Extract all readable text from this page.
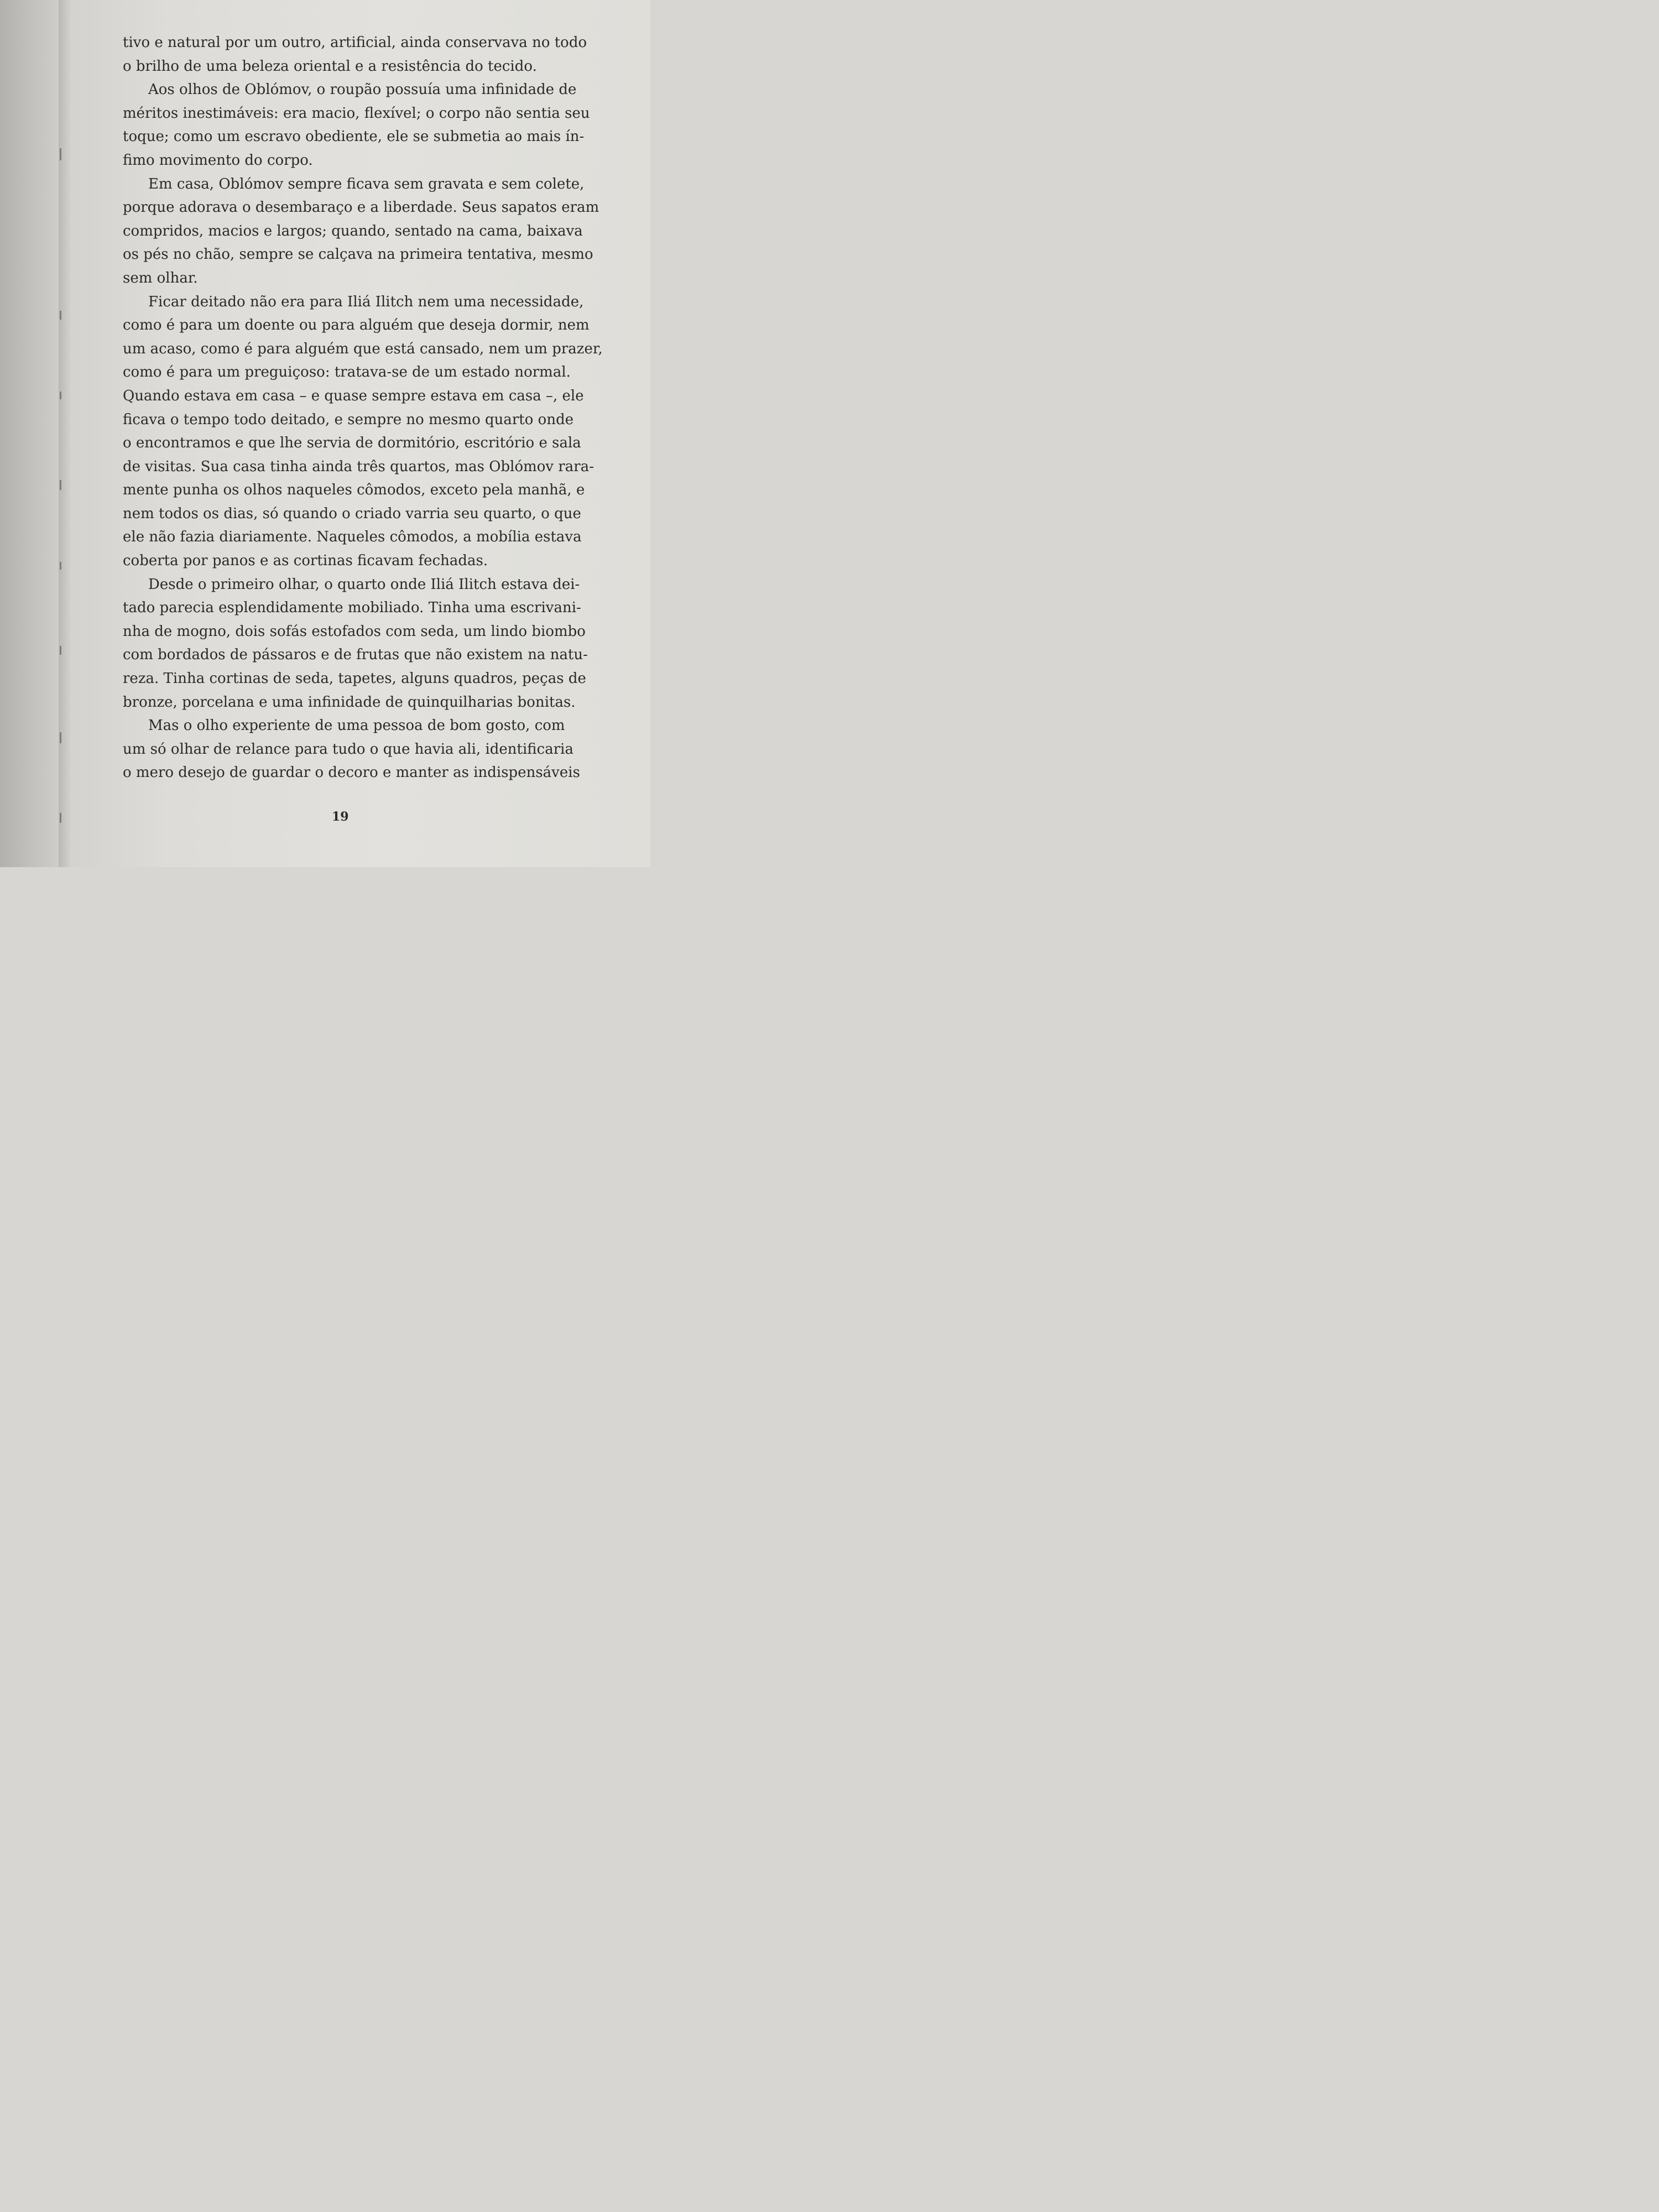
tivo e natural por um outro, artificial, ainda conservava no todo
o brilho de uma beleza oriental e a resistência do tecido.
Aos olhos de Oblómov, o roupão possuía uma infinidade de
méritos inestimáveis: era macio, flexível; o corpo não sentia seu
toque; como um escravo obediente, ele se submetia ao mais ín-
fimo movimento do corpo.
Em casa, Oblómov sempre ficava sem gravata e sem colete,
porque adorava o desembaraço e a liberdade. Seus sapatos eram
compridos, macios e largos; quando, sentado na cama, baixava
os pés no chão, sempre se calçava na primeira tentativa, mesmo
sem olhar.
Ficar deitado não era para Iliá Ilitch nem uma necessidade,
como é para um doente ou para alguém que deseja dormir, nem
um acaso, como é para alguém que está cansado, nem um prazer,
como é para um preguiçoso: tratava-se de um estado normal.
Quando estava em casa – e quase sempre estava em casa –, ele
ficava o tempo todo deitado, e sempre no mesmo quarto onde
o encontramos e que lhe servia de dormitório, escritório e sala
de visitas. Sua casa tinha ainda três quartos, mas Oblómov rara-
mente punha os olhos naqueles cômodos, exceto pela manhã, e
nem todos os dias, só quando o criado varria seu quarto, o que
ele não fazia diariamente. Naqueles cômodos, a mobília estava
coberta por panos e as cortinas ficavam fechadas.
Desde o primeiro olhar, o quarto onde Iliá Ilitch estava dei-
tado parecia esplendidamente mobiliado. Tinha uma escrivani-
nha de mogno, dois sofás estofados com seda, um lindo biombo
com bordados de pássaros e de frutas que não existem na natu-
reza. Tinha cortinas de seda, tapetes, alguns quadros, peças de
bronze, porcelana e uma infinidade de quinquilharias bonitas.
Mas o olho experiente de uma pessoa de bom gosto, com
um só olhar de relance para tudo o que havia ali, identificaria
o mero desejo de guardar o decoro e manter as indispensáveis
19
